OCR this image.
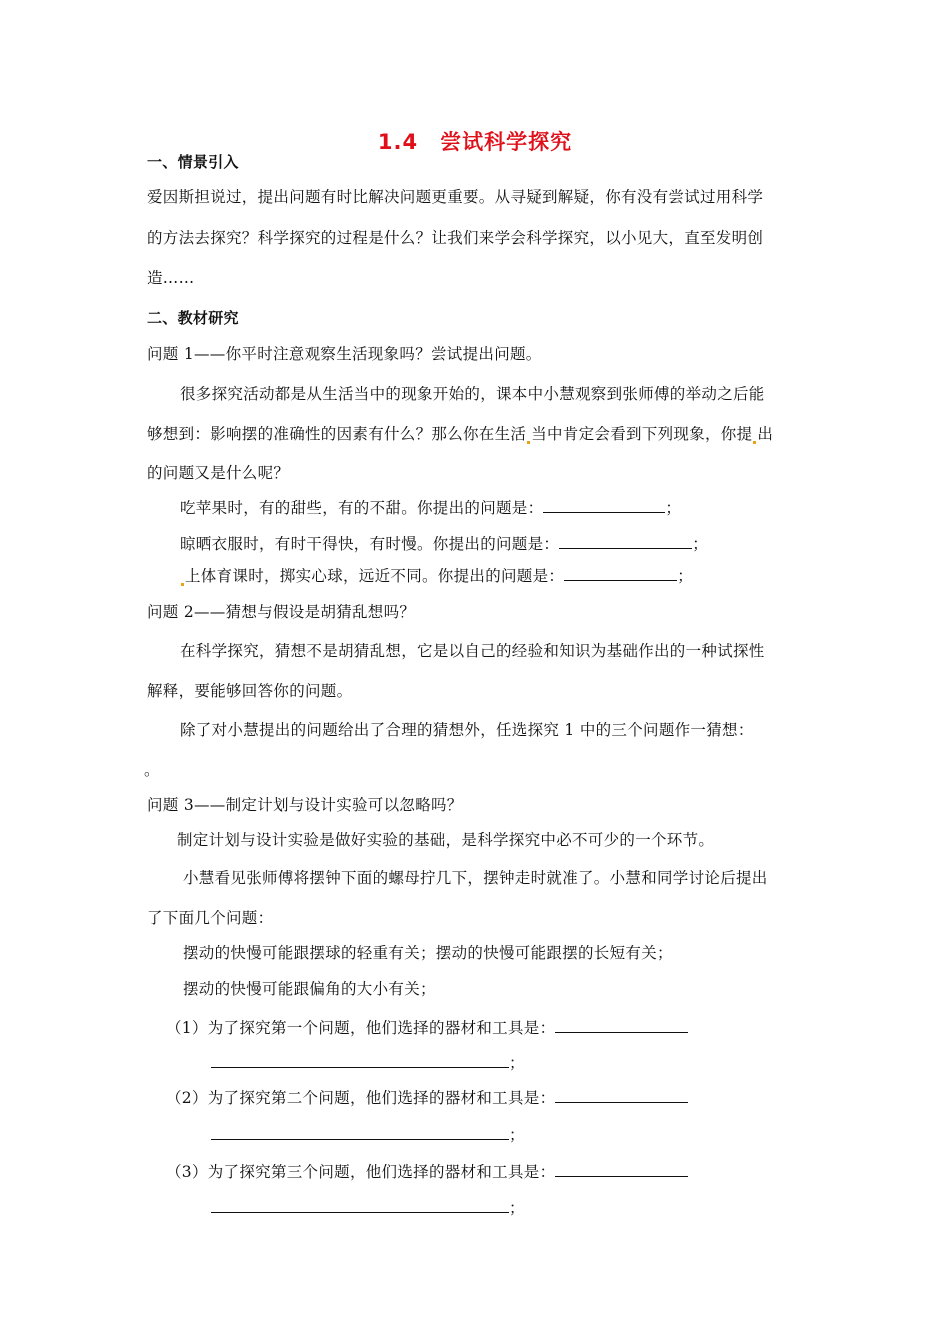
1.4　尝试科学探究
一、情景引入
爱因斯担说过，提出问题有时比解决问题更重要。从寻疑到解疑，你有没有尝试过用科学
的方法去探究？科学探究的过程是什么？让我们来学会科学探究，以小见大，直至发明创
造……
二、教材研究
问题 1——你平时注意观察生活现象吗？尝试提出问题。
很多探究活动都是从生活当中的现象开始的，课本中小慧观察到张师傅的举动之后能
够想到：影响摆的准确性的因素有什么？那么你在生活 当中肯定会看到下列现象，你提 出
的问题又是什么呢？
吃苹果时，有的甜些，有的不甜。你提出的问题是：	；
晾晒衣服时，有时干得快，有时慢。你提出的问题是：	；
上体育课时，掷实心球，远近不同。你提出的问题是：	；
问题 2——猜想与假设是胡猜乱想吗？
在科学探究，猜想不是胡猜乱想，它是以自己的经验和知识为基础作出的一种试探性
解释，要能够回答你的问题。
除了对小慧提出的问题给出了合理的猜想外，任选探究 1 中的三个问题作一猜想：
。
问题 3——制定计划与设计实验可以忽略吗？
制定计划与设计实验是做好实验的基础，是科学探究中必不可少的一个环节。
小慧看见张师傅将摆钟下面的螺母拧几下，摆钟走时就准了。小慧和同学讨论后提出
了下面几个问题：
摆动的快慢可能跟摆球的轻重有关；摆动的快慢可能跟摆的长短有关；
摆动的快慢可能跟偏角的大小有关；
（1）为了探究第一个问题，他们选择的器材和工具是：
；
（2）为了探究第二个问题，他们选择的器材和工具是：
；
（3）为了探究第三个问题，他们选择的器材和工具是：
；
